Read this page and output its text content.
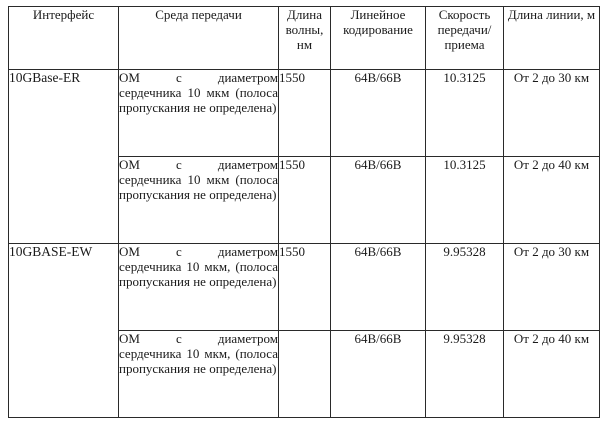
Интерфейс	Среда передачи	Длина волны, нм	Линейное кодирование	Скорость передачи/ приема	Длина линии, м
10GBase-ER	ОМ с диаметром сердечника 10 мкм (полоса пропускания не определена)	1550	64B/66B	10.3125	От 2 до 30 км

	ОМ с диаметром сердечника 10 мкм (полоса пропускания не определена)	1550	64B/66B	10.3125	От 2 до 40 км
10GBASE-EW	ОМ с диаметром сердечника 10 мкм, (полоса пропускания не определена)	1550	64B/66B	9.95328	От 2 до 30 км

	ОМ с диаметром сердечника 10 мкм, (полоса пропускания не определена)		64B/66B	9.95328	От 2 до 40 км
